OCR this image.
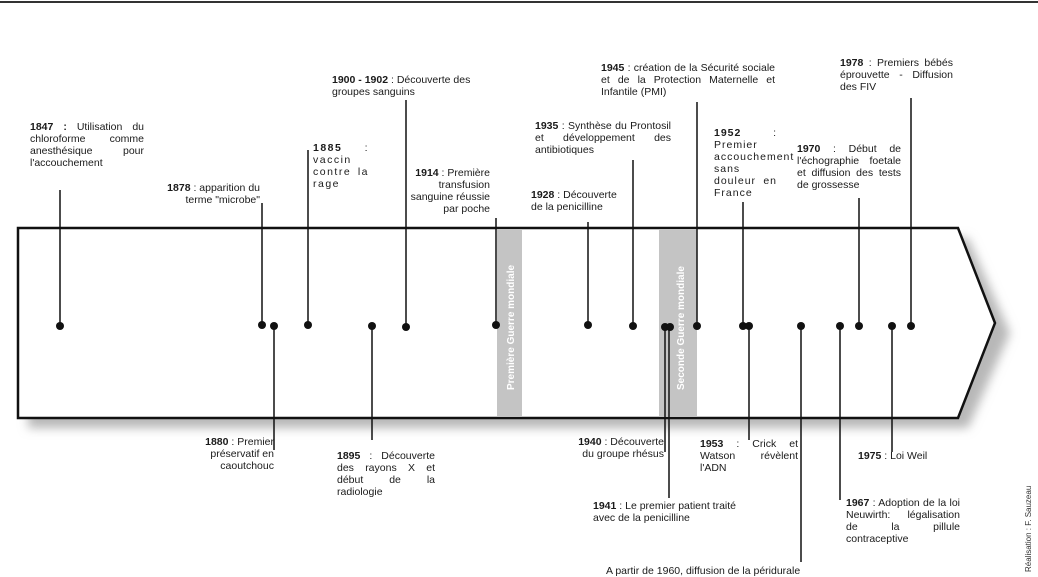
Première Guerre mondiale	Seconde Guerre mondiale
1847 : Utilisation du chloroforme comme anesthésique pour l'accouchement
1878 : apparition du terme "microbe"
1885 : vaccin contre la rage
1900 - 1902 : Découverte des groupes sanguins
1914 : Première transfusion sanguine réussie par poche
1928 : Découverte de la penicilline
1935 : Synthèse du Prontosil et développement des antibiotiques
1945 : création de la Sécurité sociale et de la Protection Maternelle et Infantile (PMI)
1952 : Premier accouchement sans douleur en France
1970 : Début de l'échographie foetale et diffusion des tests de grossesse
1978 : Premiers bébés éprouvette - Diffusion des FIV
1880 : Premier préservatif en caoutchouc
1895 : Découverte des rayons X et début de la radiologie
1940 : Découverte du groupe rhésus
1941 : Le premier patient traité avec de la penicilline
1953 : Crick et Watson révèlent l'ADN
A partir de 1960, diffusion de la péridurale
1967 : Adoption de la loi Neuwirth: légalisation de la pillule contraceptive
1975 : Loi Weil
Réalisation : F. Sauzeau
